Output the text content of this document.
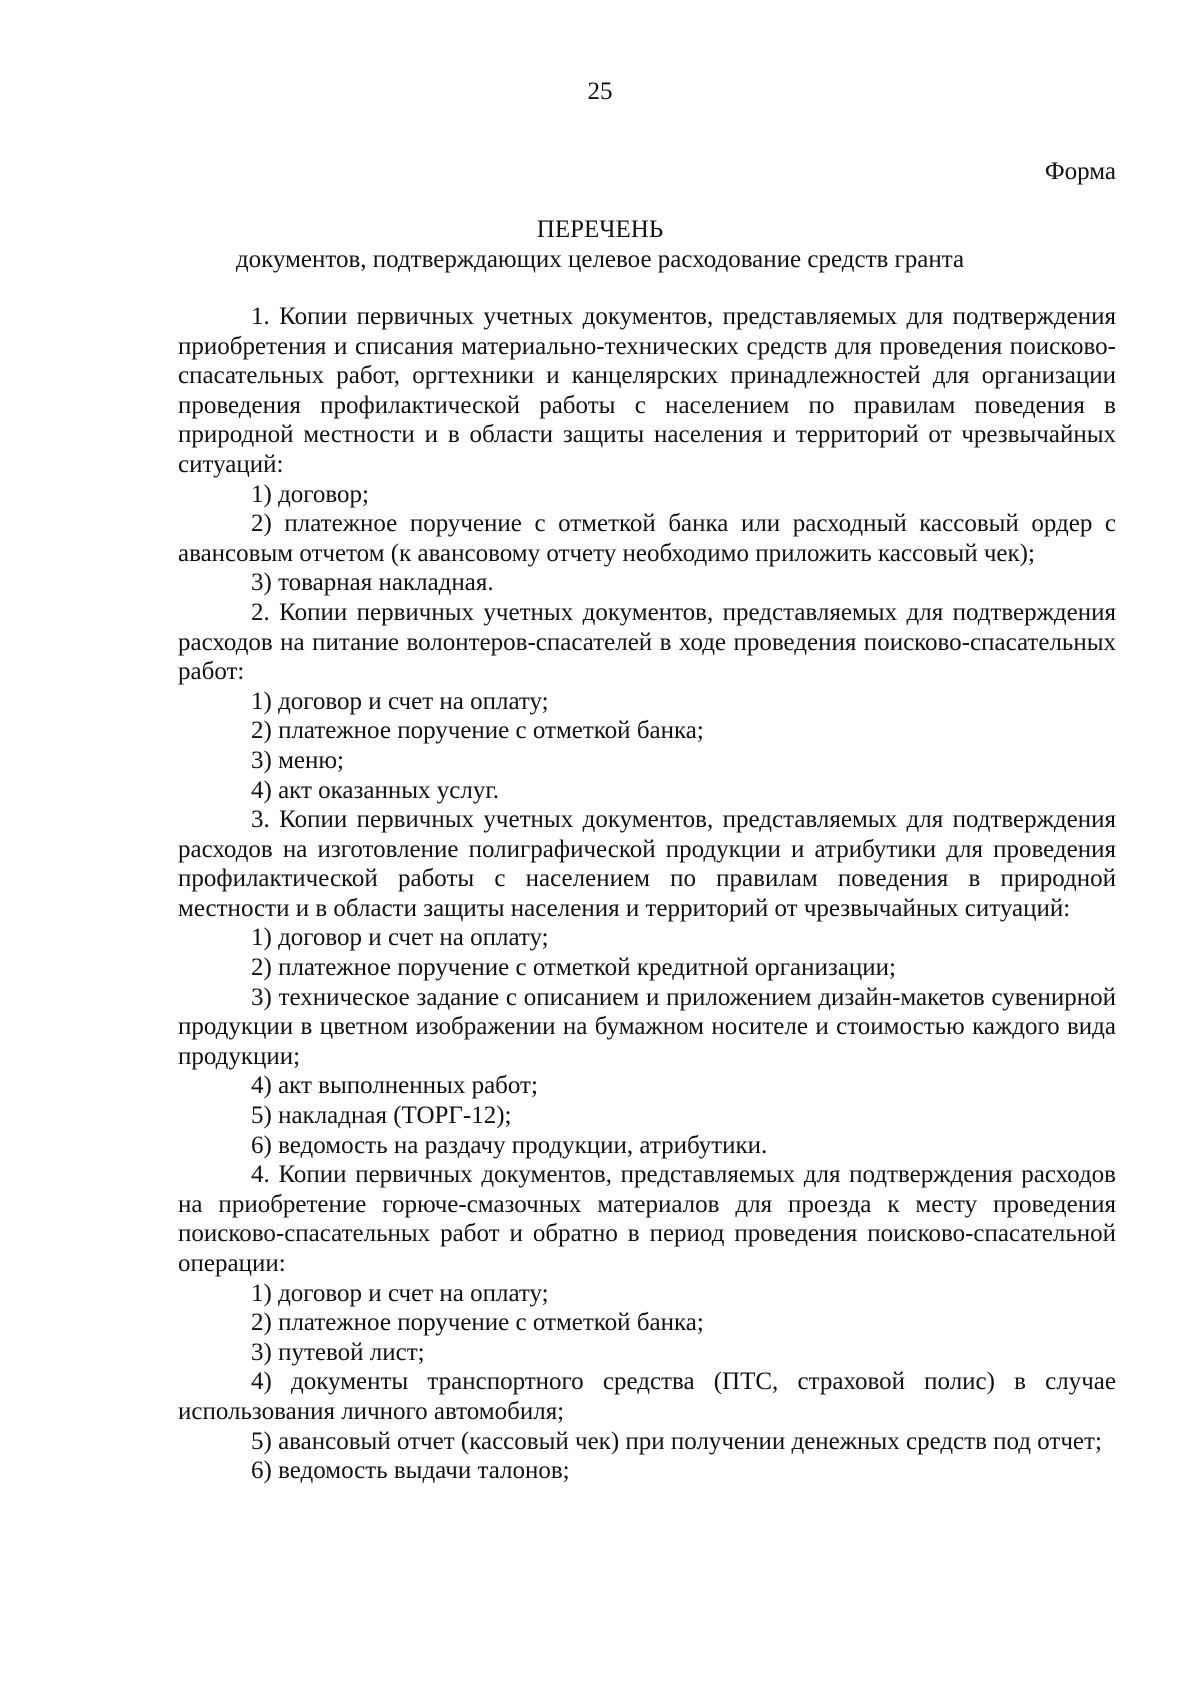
25
Форма
ПЕРЕЧЕНЬ
документов, подтверждающих целевое расходование средств гранта

1. Копии первичных учетных документов, представляемых для подтверждения приобретения и списания материально-технических средств для проведения поисково-спасательных работ, оргтехники и канцелярских принадлежностей для организации проведения профилактической работы с населением по правилам поведения в природной местности и в области защиты населения и территорий от чрезвычайных ситуаций:

1) договор;

2) платежное поручение с отметкой банка или расходный кассовый ордер с авансовым отчетом (к авансовому отчету необходимо приложить кассовый чек);

3) товарная накладная.

2. Копии первичных учетных документов, представляемых для подтверждения расходов на питание волонтеров-спасателей в ходе проведения поисково-спасательных работ:

1) договор и счет на оплату;

2) платежное поручение с отметкой банка;

3) меню;

4) акт оказанных услуг.

3. Копии первичных учетных документов, представляемых для подтверждения расходов на изготовление полиграфической продукции и атрибутики для проведения профилактической работы с населением по правилам поведения в природной местности и в области защиты населения и территорий от чрезвычайных ситуаций:

1) договор и счет на оплату;

2) платежное поручение с отметкой кредитной организации;

3) техническое задание с описанием и приложением дизайн-макетов сувенирной продукции в цветном изображении на бумажном носителе и стоимостью каждого вида продукции;

4) акт выполненных работ;

5) накладная (ТОРГ-12);

6) ведомость на раздачу продукции, атрибутики.

4. Копии первичных документов, представляемых для подтверждения расходов на приобретение горюче-смазочных материалов для проезда к месту проведения поисково-спасательных работ и обратно в период проведения поисково-спасательной операции:

1) договор и счет на оплату;

2) платежное поручение с отметкой банка;

3) путевой лист;

4) документы транспортного средства (ПТС, страховой полис) в случае использования личного автомобиля;

5) авансовый отчет (кассовый чек) при получении денежных средств под отчет;

6) ведомость выдачи талонов;
